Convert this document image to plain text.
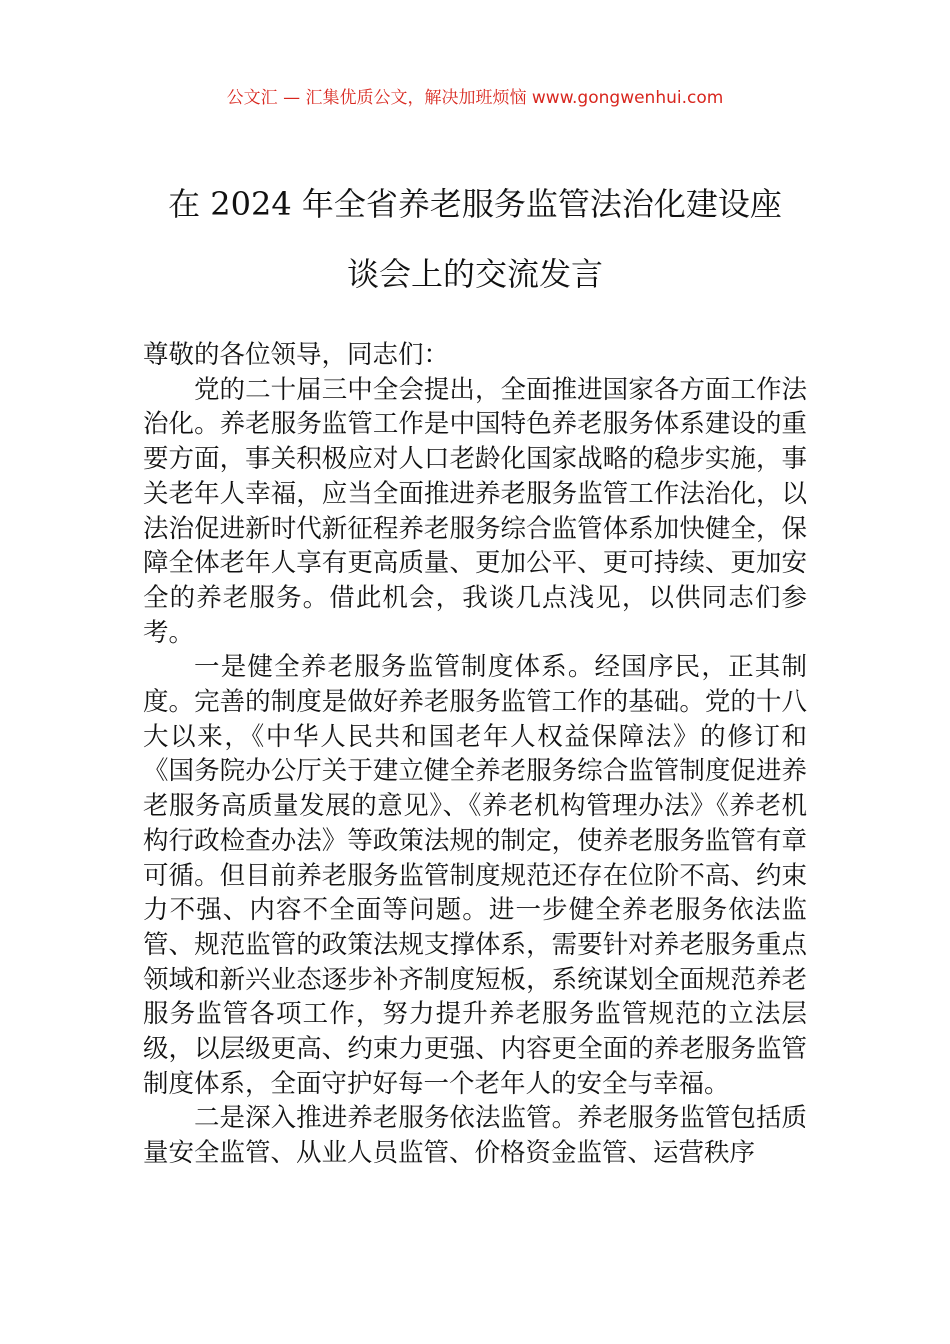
公文汇 — 汇集优质公文，解决加班烦恼 www.gongwenhui.com
在 2024 年全省养老服务监管法治化建设座
谈会上的交流发言

尊敬的各位领导，同志们：

党的二十届三中全会提出，全面推进国家各方面工作法治化。养老服务监管工作是中国特色养老服务体系建设的重要方面，事关积极应对人口老龄化国家战略的稳步实施，事关老年人幸福，应当全面推进养老服务监管工作法治化，以法治促进新时代新征程养老服务综合监管体系加快健全，保障全体老年人享有更高质量、更加公平、更可持续、更加安全的养老服务。借此机会，我谈几点浅见，以供同志们参考。

一是健全养老服务监管制度体系。经国序民，正其制度。完善的制度是做好养老服务监管工作的基础。党的十八大以来，《中华人民共和国老年人权益保障法》的修订和《国务院办公厅关于建立健全养老服务综合监管制度促进养老服务高质量发展的意见》、《养老机构管理办法》《养老机构行政检查办法》等政策法规的制定，使养老服务监管有章可循。但目前养老服务监管制度规范还存在位阶不高、约束力不强、内容不全面等问题。进一步健全养老服务依法监管、规范监管的政策法规支撑体系，需要针对养老服务重点领域和新兴业态逐步补齐制度短板，系统谋划全面规范养老服务监管各项工作，努力提升养老服务监管规范的立法层级，以层级更高、约束力更强、内容更全面的养老服务监管制度体系，全面守护好每一个老年人的安全与幸福。

二是深入推进养老服务依法监管。养老服务监管包括质量安全监管、从业人员监管、价格资金监管、运营秩序
